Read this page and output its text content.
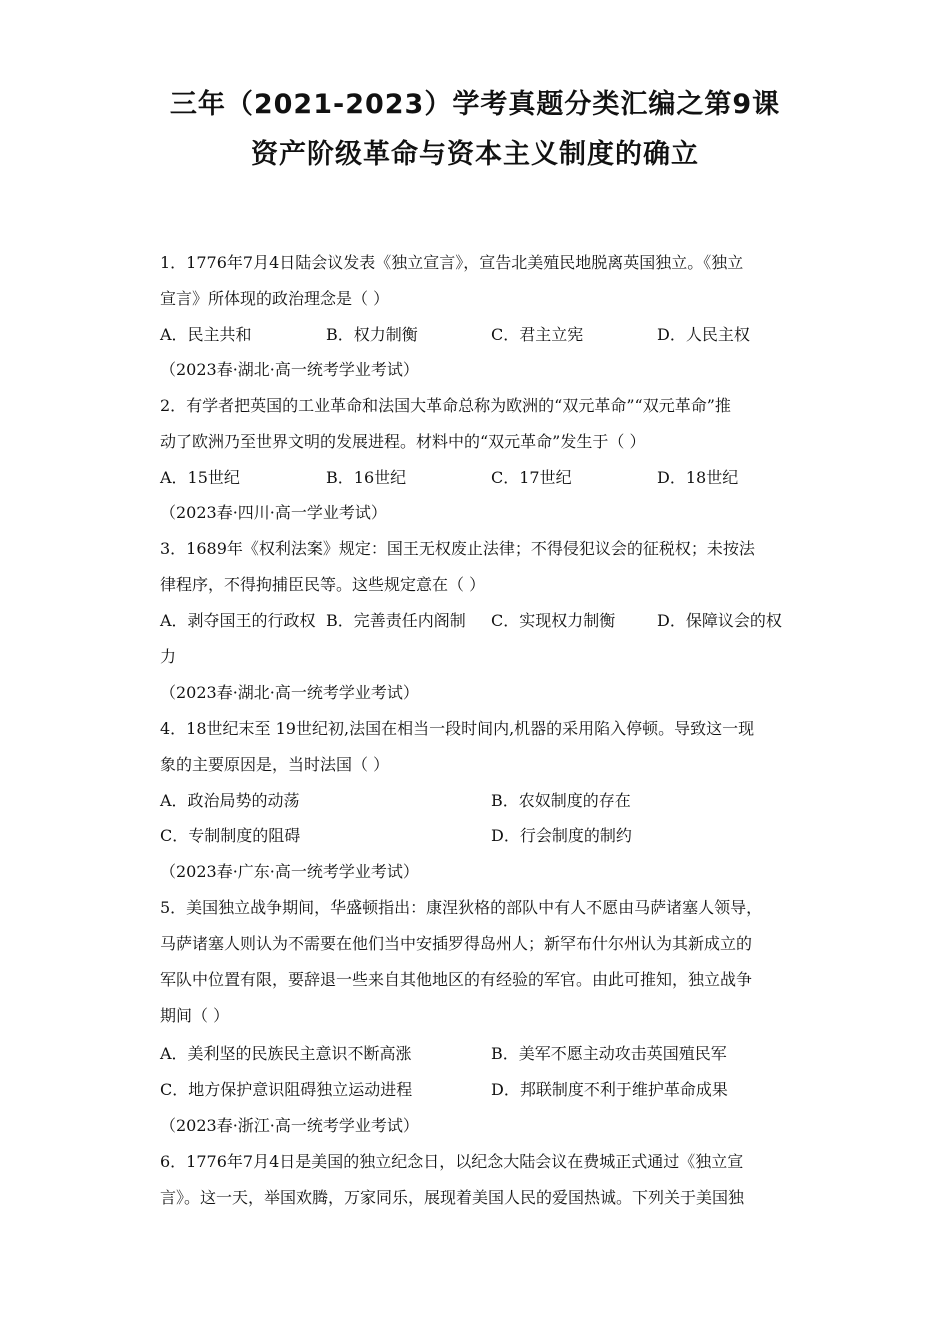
三年（2021-2023）学考真题分类汇编之第9课
资产阶级革命与资本主义制度的确立
1．1776年7月4日陆会议发表《独立宣言》，宣告北美殖民地脱离英国独立。《独立
宣言》所体现的政治理念是（ ）
A．民主共和	B．权力制衡	C．君主立宪	D．人民主权
（2023春·湖北·高一统考学业考试）
2．有学者把英国的工业革命和法国大革命总称为欧洲的“双元革命”“双元革命”推
动了欧洲乃至世界文明的发展进程。材料中的“双元革命”发生于（ ）
A．15世纪	B．16世纪	C．17世纪	D．18世纪
（2023春·四川·高一学业考试）
3．1689年《权利法案》规定：国王无权废止法律；不得侵犯议会的征税权；未按法
律程序，不得拘捕臣民等。这些规定意在（ ）
A．剥夺国王的行政权 B．完善责任内阁制 C．实现权力制衡	D．保障议会的权
力
（2023春·湖北·高一统考学业考试）
4．18世纪末至 19世纪初,法国在相当一段时间内,机器的采用陷入停顿。导致这一现
象的主要原因是，当时法国（ ）
A．政治局势的动荡	B．农奴制度的存在
C．专制制度的阻碍	D．行会制度的制约
（2023春·广东·高一统考学业考试）
5．美国独立战争期间，华盛顿指出：康涅狄格的部队中有人不愿由马萨诸塞人领导，
马萨诸塞人则认为不需要在他们当中安插罗得岛州人；新罕布什尔州认为其新成立的
军队中位置有限，要辞退一些来自其他地区的有经验的军官。由此可推知，独立战争
期间（ ）
A．美利坚的民族民主意识不断高涨	B．美军不愿主动攻击英国殖民军
C．地方保护意识阻碍独立运动进程	D．邦联制度不利于维护革命成果
（2023春·浙江·高一统考学业考试）
6．1776年7月4日是美国的独立纪念日，以纪念大陆会议在费城正式通过《独立宣
言》。这一天，举国欢腾，万家同乐，展现着美国人民的爱国热诚。下列关于美国独
